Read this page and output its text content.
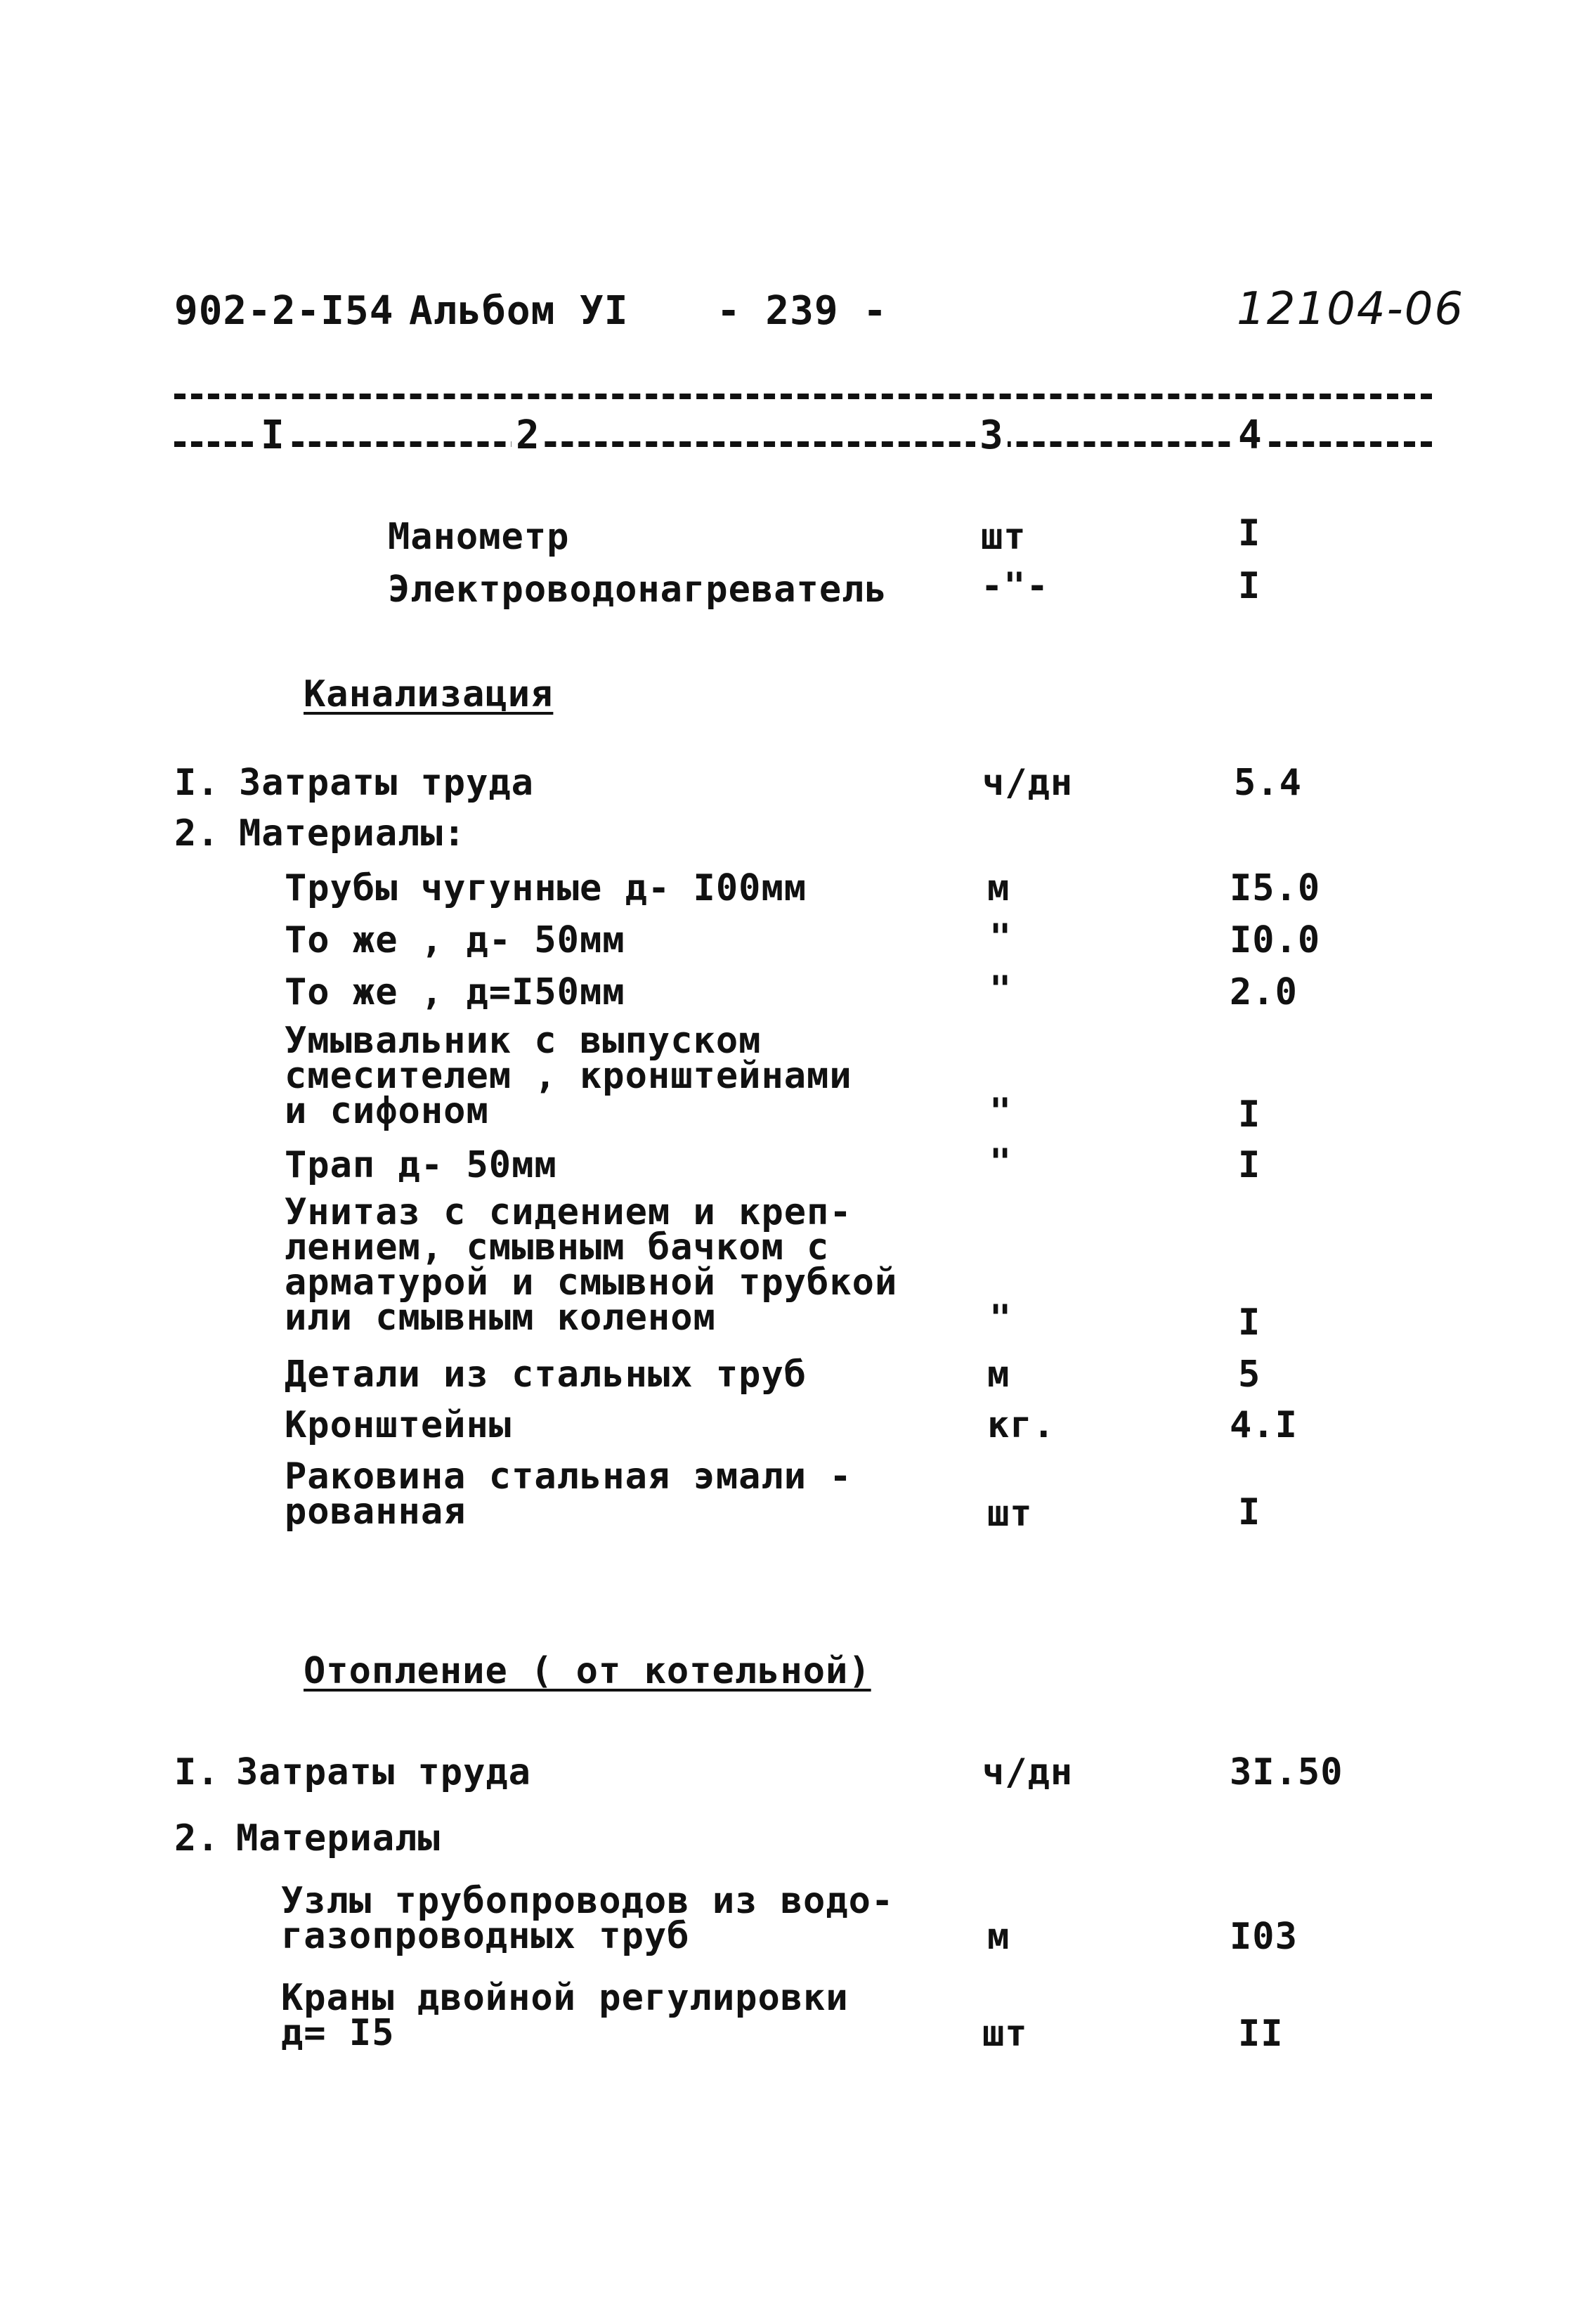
902-2-I54 Альбом УI - 239 -	12104-06
I	2	3	4
Манометр	шт	I
Электроводонагреватель	-"-	I
Канализация
I. Затраты труда	ч/дн	5.4
2. Материалы:
Трубы чугунные д- I00мм	м	I5.0
То же , д- 50мм	"	I0.0
То же , д=I50мм	"	2.0
Умывальник с выпуском
смесителем , кронштейнами
и сифоном	"	I
Трап д- 50мм	"	I
Унитаз с сидением и креп-
лением, смывным бачком с
арматурой и смывной трубкой
или смывным коленом	"	I
Детали из стальных труб	м	5
Кронштейны	кг.	4.I
Раковина стальная эмали -
рованная	шт	I
Отопление ( от котельной)
I. Затраты труда	ч/дн	3I.50
2. Материалы
Узлы трубопроводов из водо-
газопроводных труб	м	I03
Краны двойной регулировки
д= I5	шт	II
